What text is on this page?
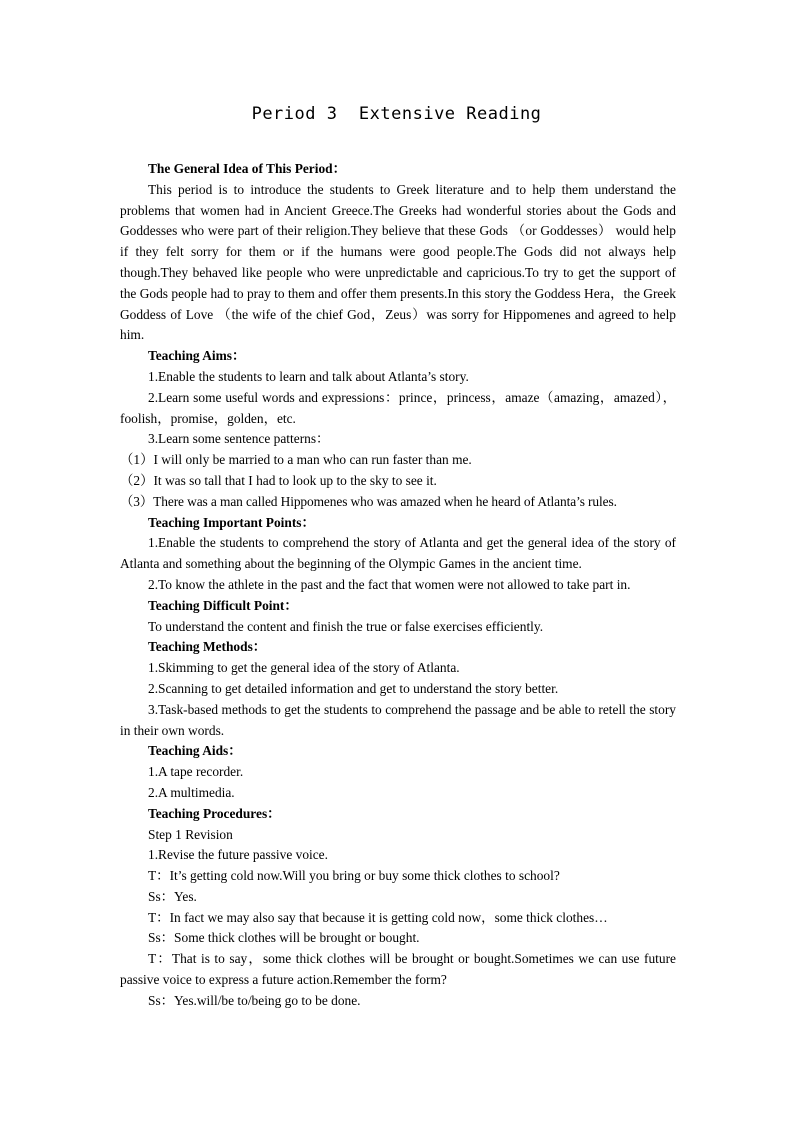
Period 3  Extensive Reading

The General Idea of This Period：

This period is to introduce the students to Greek literature and to help them understand the problems that women had in Ancient Greece.The Greeks had wonderful stories about the Gods and Goddesses who were part of their religion.They believe that these Gods （or Goddesses） would help if they felt sorry for them or if the humans were good people.The Gods did not always help though.They behaved like people who were unpredictable and capricious.To try to get the support of the Gods people had to pray to them and offer them presents.In this story the Goddess Hera，the Greek Goddess of Love （the wife of the chief God，Zeus）was sorry for Hippomenes and agreed to help him.

Teaching Aims：

1.Enable the students to learn and talk about Atlanta’s story.

2.Learn some useful words and expressions：prince，princess，amaze（amazing，amazed），foolish，promise，golden，etc.

3.Learn some sentence patterns：

（1）I will only be married to a man who can run faster than me.

（2）It was so tall that I had to look up to the sky to see it.

（3）There was a man called Hippomenes who was amazed when he heard of Atlanta’s rules.

Teaching Important Points：

1.Enable the students to comprehend the story of Atlanta and get the general idea of the story of Atlanta and something about the beginning of the Olympic Games in the ancient time.

2.To know the athlete in the past and the fact that women were not allowed to take part in.

Teaching Difficult Point：

To understand the content and finish the true or false exercises efficiently.

Teaching Methods：

1.Skimming to get the general idea of the story of Atlanta.

2.Scanning to get detailed information and get to understand the story better.

3.Task-based methods to get the students to comprehend the passage and be able to retell the story in their own words.

Teaching Aids：

1.A tape recorder.

2.A multimedia.

Teaching Procedures：

Step 1 Revision

1.Revise the future passive voice.

T：It’s getting cold now.Will you bring or buy some thick clothes to school?

Ss：Yes.

T：In fact we may also say that because it is getting cold now，some thick clothes…

Ss：Some thick clothes will be brought or bought.

T：That is to say，some thick clothes will be brought or bought.Sometimes we can use future passive voice to express a future action.Remember the form?

Ss：Yes.will/be to/being go to be done.
